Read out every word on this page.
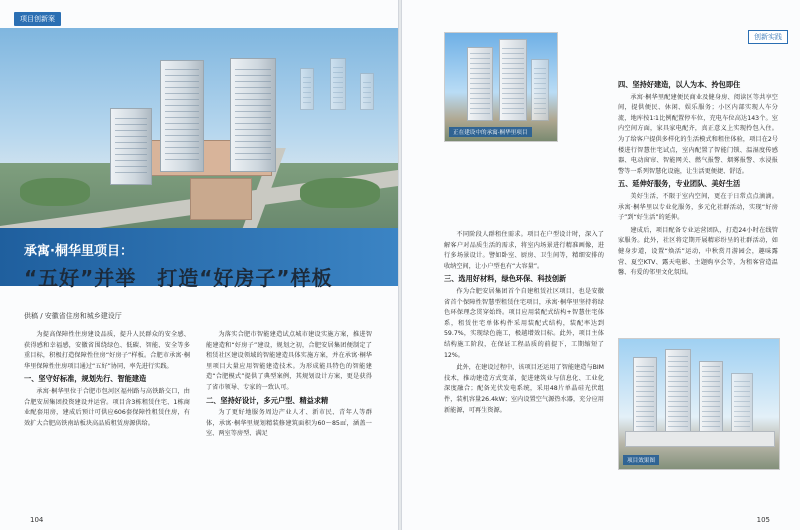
项目创新案
承寓·桐华里项目：
“五好”并举　打造“好房子”样板
供稿 / 安徽省住房和城乡建设厅

为提高保障性住房建设品质，提升人民群众的安全感、获得感和幸福感，安徽省围绕绿色、低碳、智能、安全等多重目标，积极打造保障性住房“好房子”样板。合肥市承寓·桐华里保障性住房项目通过“五好”协同，率先进行实践。

一、坚守好标准，规划先行、智能建造

承寓·桐华里位于合肥市包河区福州路与高铁路交口，由合肥安居集团投资建设并运营。项目含3栋租赁住宅、1栋商业配套用房，建成后预计可供应606套保障性租赁住房，有效扩大合肥高铁南站板块高品质租赁房源供给。

为落实合肥市智能建造试点城市建设实施方案，推进智能建造和“好房子”建设，规划之初，合肥安居集团便制定了租赁社区建设领域的智能建造具体实施方案，并在承寓·桐华里项目大量应用智能建造技术。为形成能具特色的智能建造“合肥模式”提供了典型案例，其规划设计方案，更是获得了省市领导、专家的一致认可。

二、坚持好设计，多元户型、精益求精

为了更好地服务周边产业人才、新市民、青年人等群体，承寓·桐华里规划精装修建筑面积为60～85㎡，涵盖一室、两室等房型、满足

104
创新实践
105
正在建设中的承寓·桐华里项目

不同阶段人群租住需求。项目在户型设计时，深入了解客户对品质生活的需求，将室内场景进行精准画像，进行多场景设计。譬如卧室、厨房、卫生间等，精细安排的收纳空间，让小户型也有“大容量”。

三、选用好材料，绿色环保、科技创新

作为合肥安居集团首个自建租赁社区项目，也是安徽省首个保障性智慧型租赁住宅项目，承寓·桐华里坚持将绿色环保理念贯穿始终。项目应用装配式结构+智慧住宅体系，租赁住宅单体构件采用装配式结构，装配率达到59.7%，实现绿色施工，极越增效目标。此外，项目主体结构施工阶段，在保证工程品质的前提下，工期缩短了12%。

此外，在建设过程中，该项目还运用了智能建造与BIM技术，推动建造方式变革，促进建筑业与信息化、工业化深度融合；配备光伏发电系统，采用48片单晶硅光伏组件，装机容量26.4kW；室内设置空气源热水器，充分应用新能源，可再生资源。

四、坚持好建造，以人为本、拎包即住

承寓·桐华里配建便民商业及健身房、阅读区等共享空间，提供便民、休闲、娱乐服务；小区内部实现人车分流，地库按1∶1比例配置停车位，充电车位高达143个。室内空间方面，家具家电配齐，真正意义上实现拎包入住。为了给客户提供多样化的生活模式和租住体验，项目在2号楼进行智慧住宅试点，室内配置了智能门锁、温湿度传感器、电动窗帘、智能网关、燃气报警、烟雾报警、水浸报警等一系列智慧化设施，让生活更便捷、舒适。

五、延伸好服务，专业团队、美好生活

美好生活，不限于室内空间，更在于日常点点滴滴。承寓·桐华里以专业化服务，多元化社群活动，实现“好房子”到“好生活”的延伸。

建成后，项目配备专业运营团队，打造24小时在线管家服务。此外，社区将定期开展精彩纷呈的社群活动，如健身步道，设置“焕活”运动，中秋赏月游园会，趣味露营、夏空KTV、露天电影、主题购享会等，为租客营造温馨、有爱的邻里文化氛围。

项目效果图
